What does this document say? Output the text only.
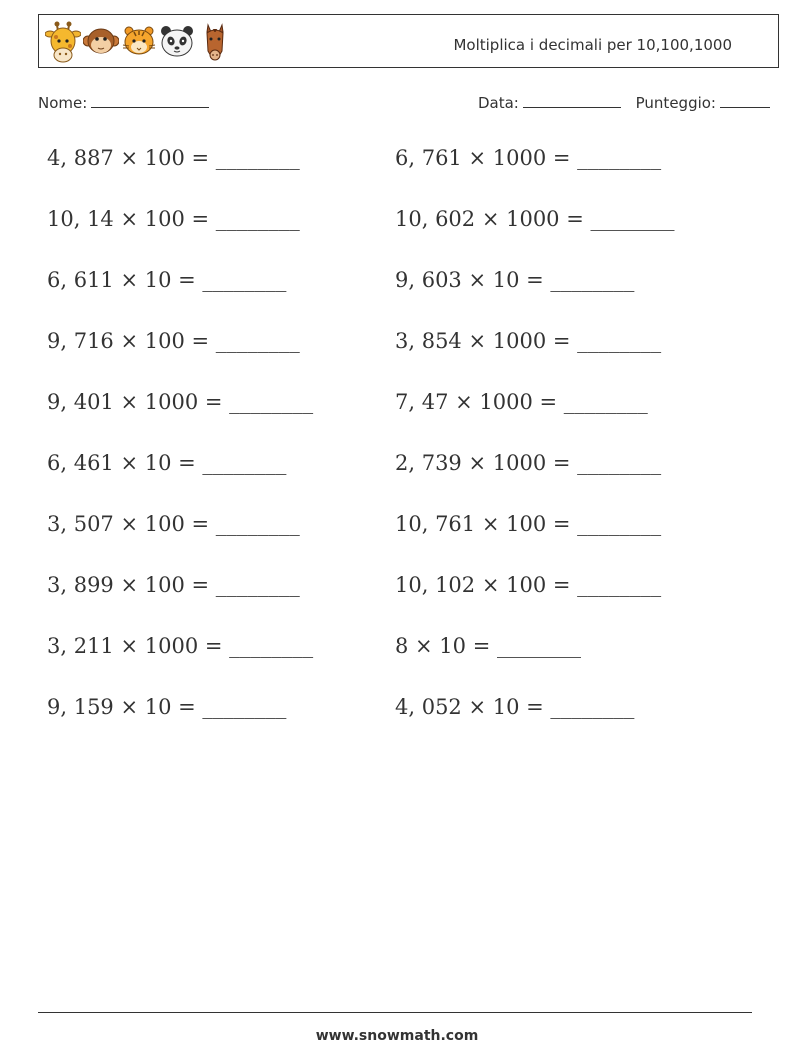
Moltiplica i decimali per 10,100,1000
Nome:	Data:	Punteggio:
4, 887 × 100 = ________	6, 761 × 1000 = ________
10, 14 × 100 = ________	10, 602 × 1000 = ________
6, 611 × 10 = ________	9, 603 × 10 = ________
9, 716 × 100 = ________	3, 854 × 1000 = ________
9, 401 × 1000 = ________	7, 47 × 1000 = ________
6, 461 × 10 = ________	2, 739 × 1000 = ________
3, 507 × 100 = ________	10, 761 × 100 = ________
3, 899 × 100 = ________	10, 102 × 100 = ________
3, 211 × 1000 = ________	8 × 10 = ________
9, 159 × 10 = ________	4, 052 × 10 = ________
www.snowmath.com
